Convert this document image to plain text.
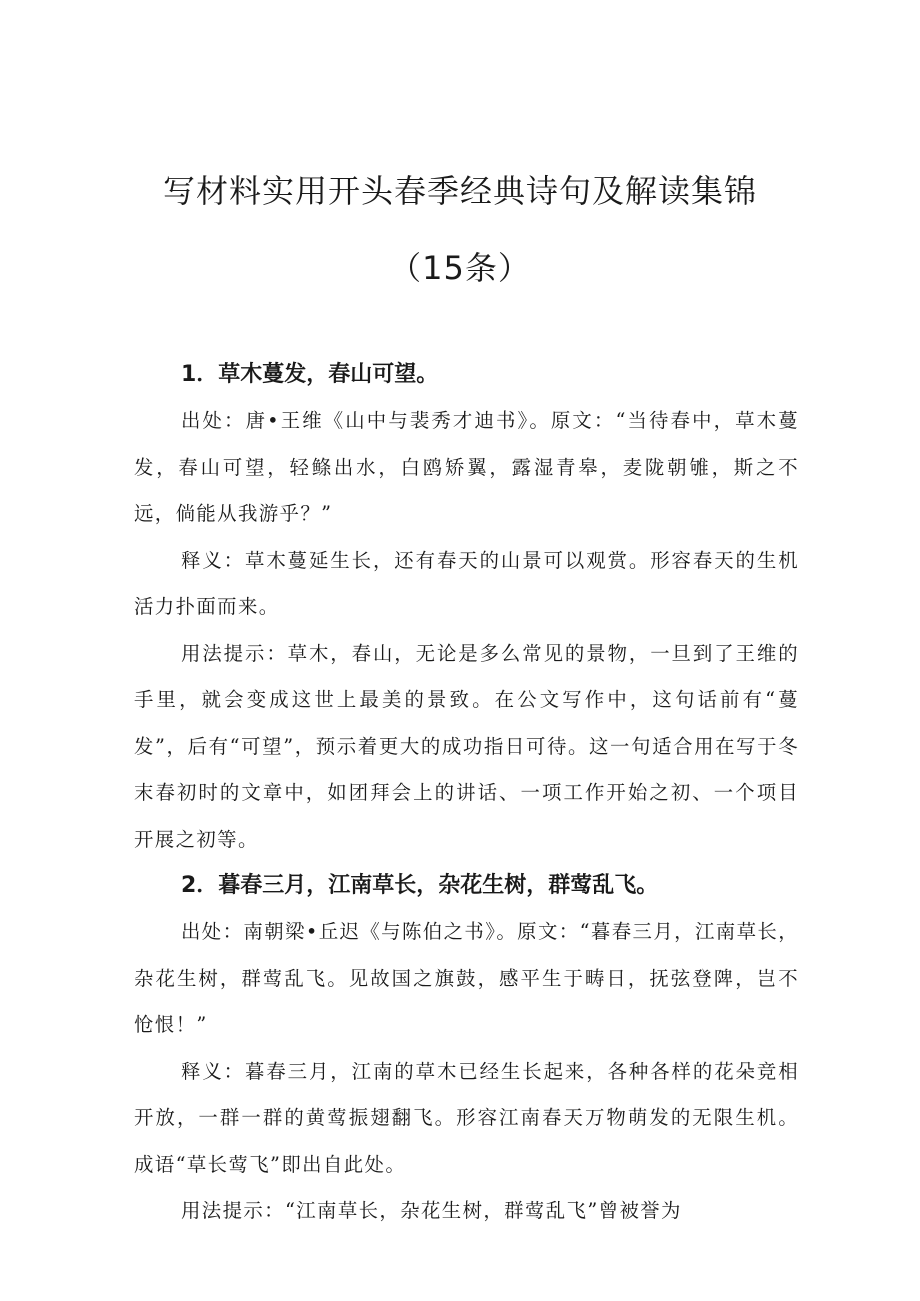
写材料实用开头春季经典诗句及解读集锦
（15条）

1．草木蔓发，春山可望。

出处：唐•王维《山中与裴秀才迪书》。原文：“当待春中，草木蔓发，春山可望，轻鲦出水，白鸥矫翼，露湿青皋，麦陇朝雊，斯之不远，倘能从我游乎？”

释义：草木蔓延生长，还有春天的山景可以观赏。形容春天的生机活力扑面而来。

用法提示：草木，春山，无论是多么常见的景物，一旦到了王维的手里，就会变成这世上最美的景致。在公文写作中，这句话前有“蔓发”，后有“可望”，预示着更大的成功指日可待。这一句适合用在写于冬末春初时的文章中，如团拜会上的讲话、一项工作开始之初、一个项目开展之初等。

2．暮春三月，江南草长，杂花生树，群莺乱飞。

出处：南朝梁•丘迟《与陈伯之书》。原文：“暮春三月，江南草长，杂花生树，群莺乱飞。见故国之旗鼓，感平生于畴日，抚弦登陴，岂不怆恨！”

释义：暮春三月，江南的草木已经生长起来，各种各样的花朵竞相开放，一群一群的黄莺振翅翻飞。形容江南春天万物萌发的无限生机。成语“草长莺飞”即出自此处。

用法提示：“江南草长，杂花生树，群莺乱飞”曾被誉为
